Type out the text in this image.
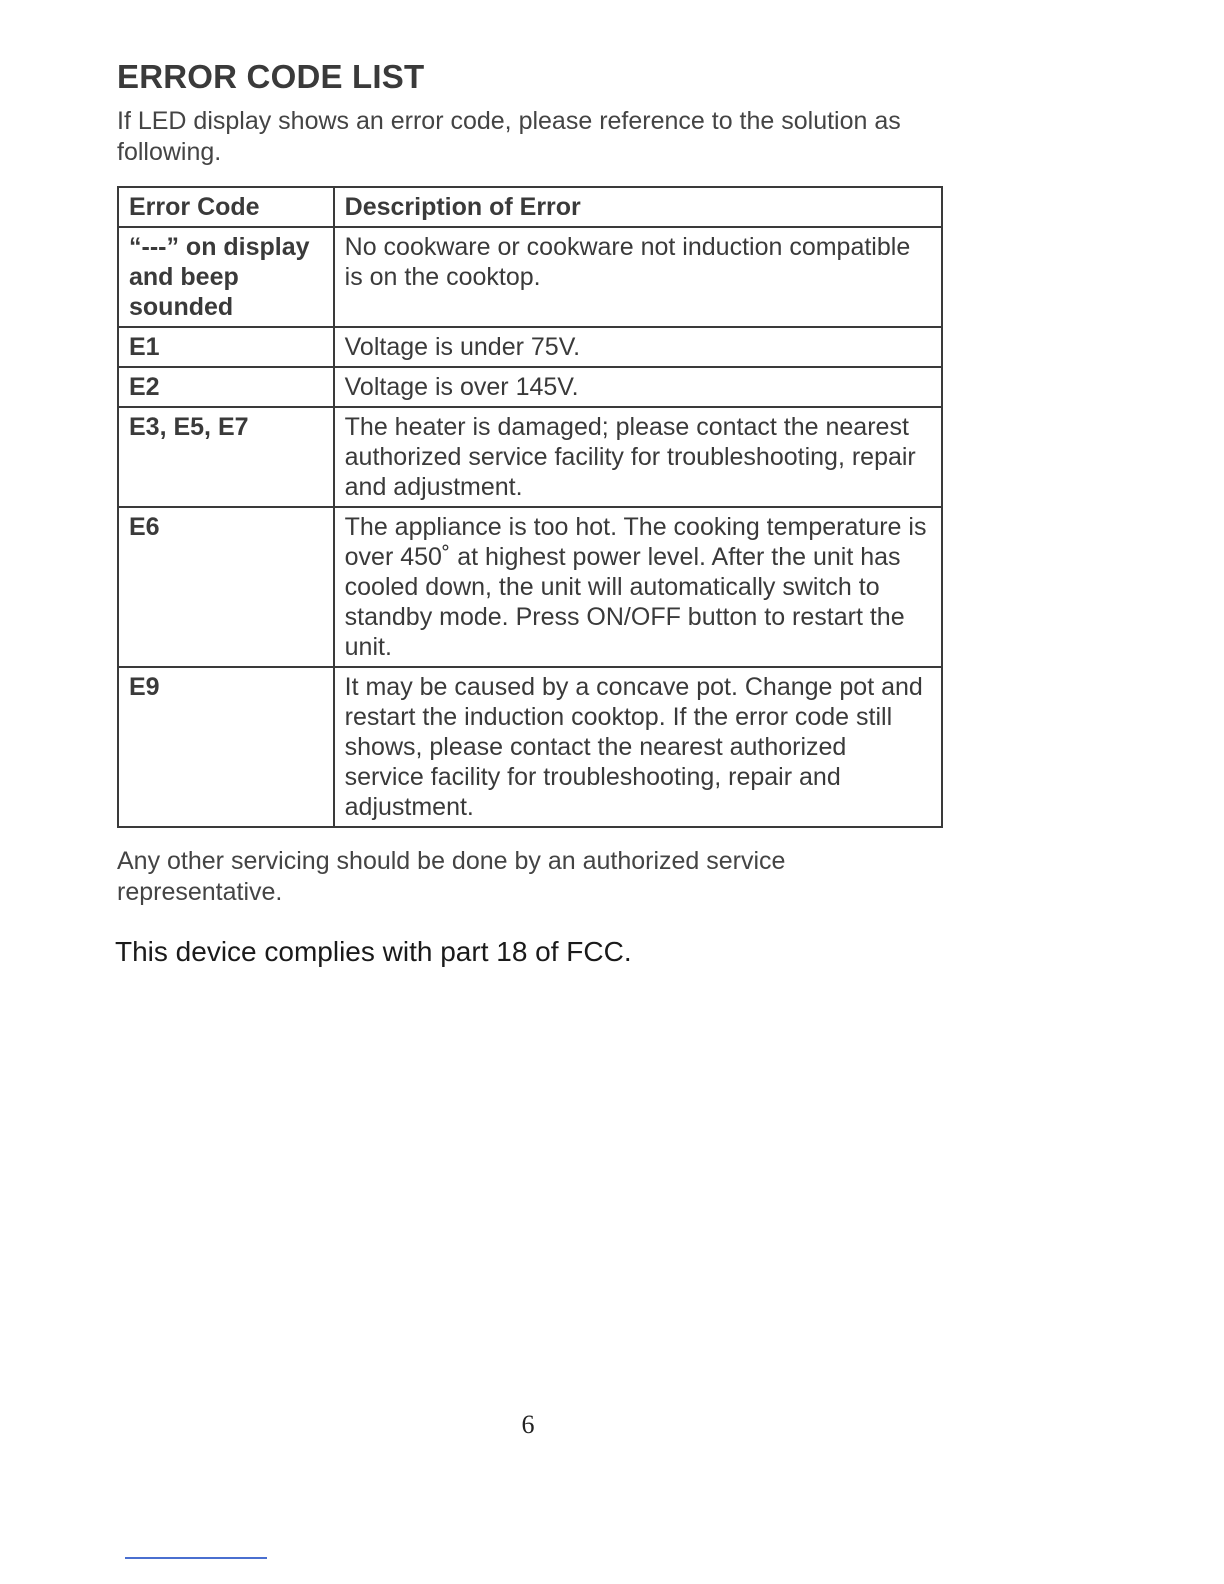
ERROR CODE LIST

If LED display shows an error code, please reference to the solution as following.

Error Code	Description of Error
“---” on display and beep sounded	No cookware or cookware not induction compatible is on the cooktop.
E1	Voltage is under 75V.
E2	Voltage is over 145V.
E3, E5, E7	The heater is damaged; please contact the nearest authorized service facility for troubleshooting, repair and adjustment.
E6	The appliance is too hot. The cooking temperature is over 450˚ at highest power level. After the unit has cooled down, the unit will automatically switch to standby mode. Press ON/OFF button to restart the unit.
E9	It may be caused by a concave pot. Change pot and restart the induction cooktop. If the error code still shows, please contact the nearest authorized service facility for troubleshooting, repair and adjustment.

Any other servicing should be done by an authorized service representative.

This device complies with part 18 of FCC.

6
